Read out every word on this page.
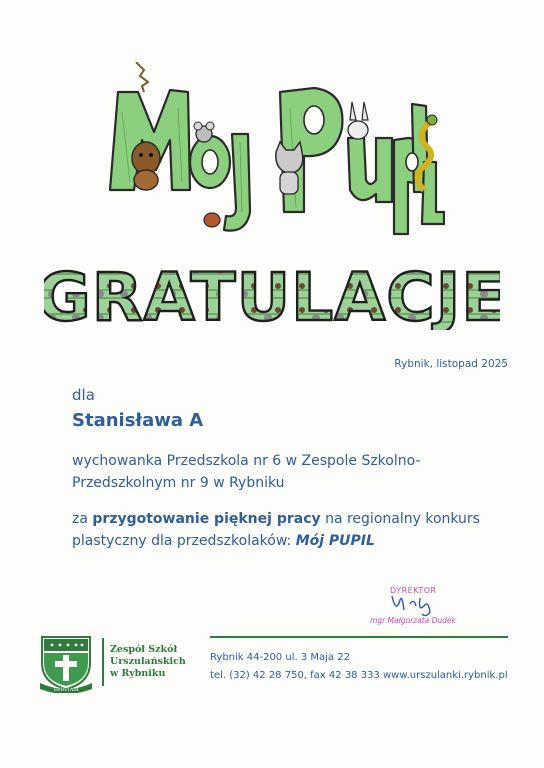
GRATULACJE
Rybnik, listopad 2025
dla
Stanisława A
wychowanka Przedszkola nr 6 w Zespole Szkolno-
Przedszkolnym nr 9 w Rybniku
za przygotowanie pięknej pracy na regionalny konkurs
plastyczny dla przedszkolaków: Mój PUPIL
DYREKTOR
mgr Małgorzata Dudek
SERVIAM
Zespół Szkół
Urszulańskich
w Rybniku
Rybnik 44-200 ul. 3 Maja 22
tel. (32) 42 28 750, fax 42 38 333 www.urszulanki.rybnik.pl
